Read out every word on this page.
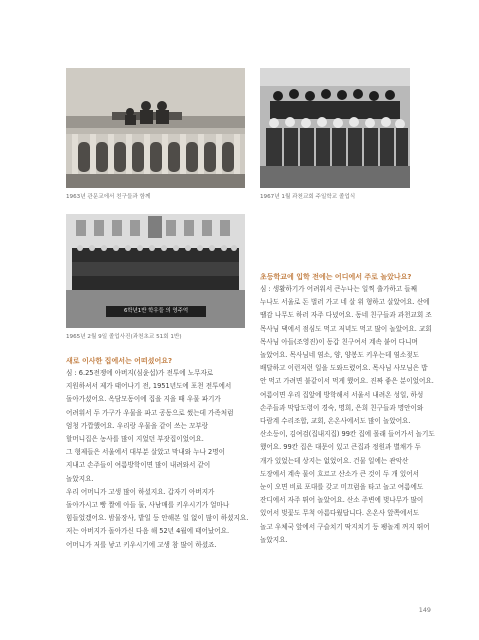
1963년 관문교에서 친구들과 함께	1967년 1월 과천교회 주일학교 졸업식
6학년1반 학우들 의 영주억
1965년 2월 9일 졸업사진(과천초교 51회 1반)
초등학교에 입학 전에는 어디에서 주로 놀았나요?

심 : 생활하기가 어려워서 큰누나는 일찍 출가하고 들째

누나도 서울로 돈 벌러 가고 네 살 위 형하고 살았어요. 산에

땔감 나무도 하러 자주 다녔어요. 동네 친구들과 과천교회 조

목사님 댁에서 점심도 먹고 저녁도 먹고 많이 놀았어요. 교회

목사님 아들(조영진)이 동갑 친구여서 계속 붙어 다니며

놀았어요. 목사님네 염소, 양, 양봉도 키우는데 염소젖도

배달하고 이런저런 일을 도와드렸어요. 목사님 사모님은 밥

안 먹고 가려면 불같이서 먹게 했어요. 진짜 좋은 분이었어요.

여름이면 우리 집앞에 방학해서 서울서 내려온 성일, 하성

손주들과 막답도령이 경숙, 명희, 은희 친구들과 명안이와

다람계 수리조합, 교회, 온온사에서도 많이 놀았어요.

산소등이, 김여검(집내지집) 99칸 집에 몰래 들어가서 놀기도

했어요. 99칸 집은 대문이 있고 큰집과 정원과 별채가 두

개가 있었는데 상지는 없었어요. 건물 일에는 관악산

도장에서 계속 물이 흐르고 산소가 큰 것이 두 개 있어서

눈이 오면 비료 포대를 갖고 미끄럼을 타고 놀고 여름에도

잔디에서 자주 뛰어 놀았어요. 산소 주변에 벚나무가 많이

있어서 벚꽃도 무척 아름다웠답니다. 온온사 앞쪽에서도

놀고 우체국 앞에서 구슬치기 딱지치기 등 팽놀계 꺼지 뛰어

놀았지요.

새로 이사한 집에서는 어떠셨어요?

심 : 6.25전쟁에 아버지(심윤섭)가 전투에 노무자로

지원하셔서 제가 태어나기 전, 1951년도에 포천 전투에서

돌아가셨어요. 옥담모동이에 집을 지을 때 우물 파기가

어려워서 두 가구가 우물을 파고 공동으로 썼는데 가족처럼

엄청 가깝했어요. 우리랑 우물을 같이 쓰는 꼬부랑

할머니집은 농사를 많이 지었던 부잣집이었어요.

그 형제들은 서울에서 대부분 살았고 막내와 누나 2명이

지내고 손주들이 여름방학이면 많이 내려와서 같이

놀았지요.

우리 어머니가 고생 많이 하셨지요. 갑자기 아버지가

돌아가시고 빵 짤에 아들 둘, 사남매를 키우시기가 얼마나

힘들었겠어요. 밤물장사, 밭일 등 안해본 일 없이 많이 하셨지요.

저는 아버지가 돌아가신 다음 해 52년 4월에 태어났어요.

어머니가 저를 낳고 키우시기에 고생 참 많이 하셨죠.

149
